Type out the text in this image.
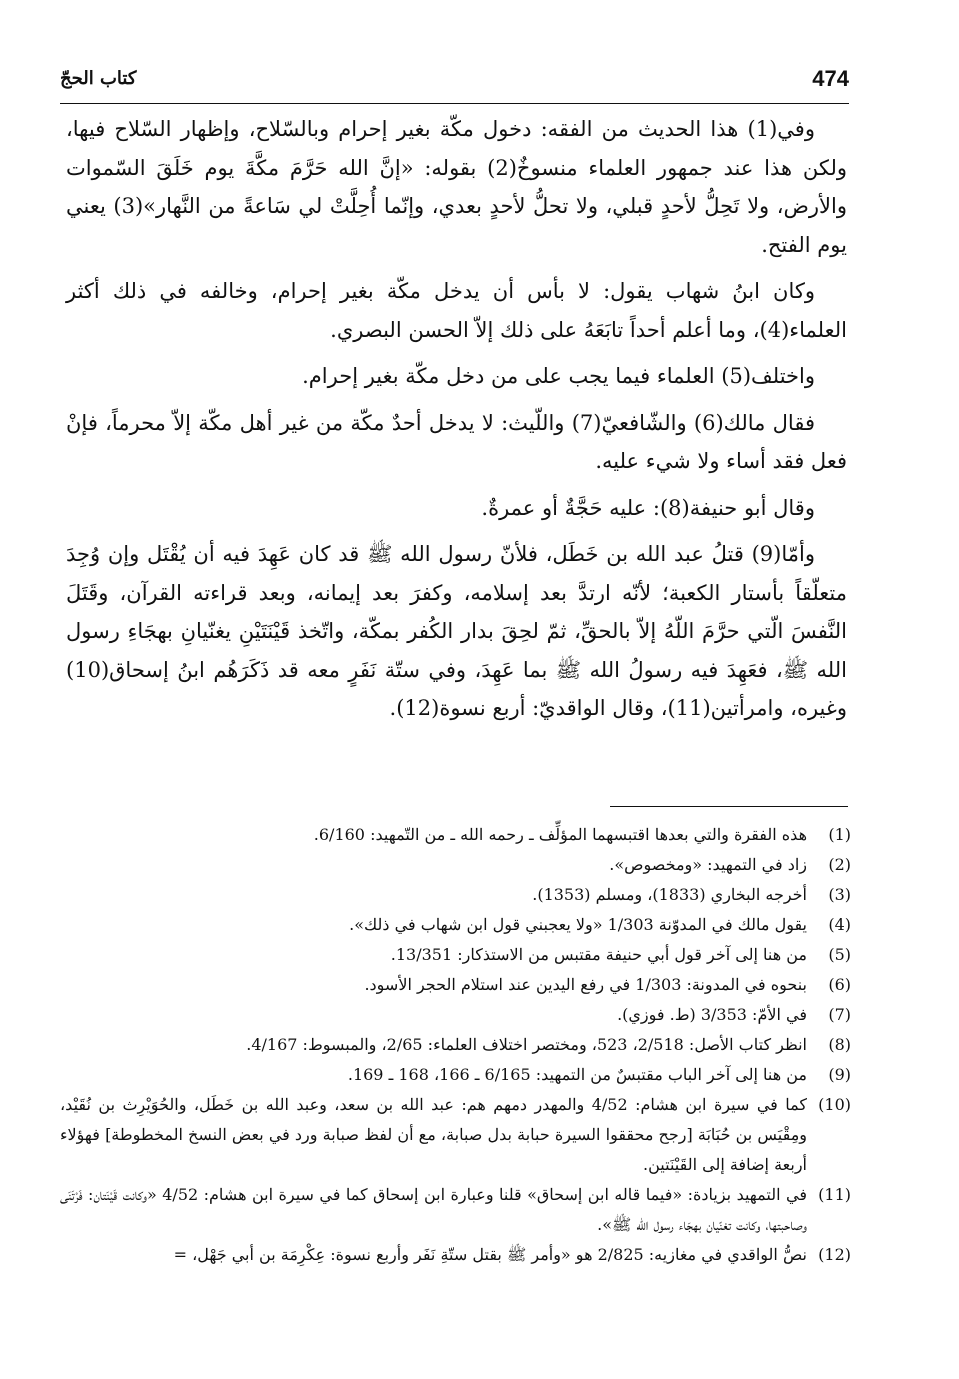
474
كتاب الحجّ

وفي(1) هذا الحديث من الفقه: دخول مكّة بغير إحرام وبالسّلاح، وإظهار السّلاح فيها، ولكن هذا عند جمهور العلماء منسوخٌ(2) بقوله: «إنَّ الله حَرَّمَ مكَّةَ يوم خَلَقَ السّموات والأرض، ولا تَحِلُّ لأحدٍ قبلي، ولا تحلُّ لأحدٍ بعدي، وإنّما أُحِلَّتْ لي سَاعةً من النَّهار»(3) يعني يوم الفتح.

وكان ابنُ شهاب يقول: لا بأس أن يدخل مكّة بغير إحرام، وخالفه في ذلك أكثر العلماء(4)، وما أعلم أحداً تابَعَهُ على ذلك إلاّ الحسن البصري.

واختلف(5) العلماء فيما يجب على من دخل مكّة بغير إحرام.

فقال مالك(6) والشّافعيّ(7) واللّيث: لا يدخل أحدٌ مكّة من غير أهل مكّة إلاّ محرماً، فإنْ فعل فقد أساء ولا شيء عليه.

وقال أبو حنيفة(8): عليه حَجَّةٌ أو عمرةٌ.

وأمّا(9) قتلُ عبد الله بن خَطَل، فلأنّ رسول الله ﷺ قد كان عَهِدَ فيه أن يُقْتَل وإن وُجِدَ متعلّقاً بأستار الكعبة؛ لأنّه ارتدَّ بعد إسلامه، وكفرَ بعد إيمانه، وبعد قراءته القرآن، وقَتَلَ النَّفسَ الّتي حرَّمَ اللّهُ إلاّ بالحقِّ، ثمّ لحِقَ بدار الكُفر بمكّة، واتّخذ قَيْنَتَيْنِ يغنّيانِ بهجَاءِ رسول الله ﷺ، فعَهِدَ فيه رسولُ الله ﷺ بما عَهِدَ، وفي ستّة نَفَرٍ معه قد ذَكَرَهُم ابنُ إسحاق(10) وغيره، وامرأتين(11)، وقال الواقديّ: أربع نسوة(12).

(1)
هذه الفقرة والتي بعدها اقتبسهما المؤلِّف ـ رحمه الله ـ من التّمهيد: 6/160.
(2)
زاد في التمهيد: «ومخصوص».
(3)
أخرجه البخاري (1833)، ومسلم (1353).
(4)
يقول مالك في المدوّنة 1/303 «ولا يعجبني قول ابن شهاب في ذلك».
(5)
من هنا إلى آخر قول أبي حنيفة مقتبس من الاستذكار: 13/351.
(6)
بنحوه في المدونة: 1/303 في رفع اليدين عند استلام الحجر الأسود.
(7)
في الأمّ: 3/353 (ط. فوزي).
(8)
انظر كتاب الأصل: 2/518، 523، ومختصر اختلاف العلماء: 2/65، والمبسوط: 4/167.
(9)
من هنا إلى آخر الباب مقتبسٌ من التمهيد: 6/165 ـ 166، 168 ـ 169.
(10)
كما في سيرة ابن هشام: 4/52 والمهدر دمهم هم: عبد الله بن سعد، وعبد الله بن خَطَل، والحُوَيْرِث بن نُقَيْد، ومِقْيَس بن حُبَابَة [رجح محققوا السيرة حبابة بدل صبابة، مع أن لفظ صبابة ورد في بعض النسخ المخطوطة] فهؤلاء أربعة إضافة إلى القَيْنَتين.
(11)
في التمهيد بزيادة: «فيما قاله ابن إسحاق» قلنا وعبارة ابن إسحاق كما في سيرة ابن هشام: 4/52 «وكانت قَيْنَتان: فَرْتَنَى وصاحبتها، وكانت تغنّيان بهجَاء رسول الله ﷺ».
(12)
نصُّ الواقدي في مغازيه: 2/825 هو «وأمر ﷺ بقتل ستّةِ نَفَر وأربع نسوة: عِكْرِمَة بن أبي جَهْل، =
